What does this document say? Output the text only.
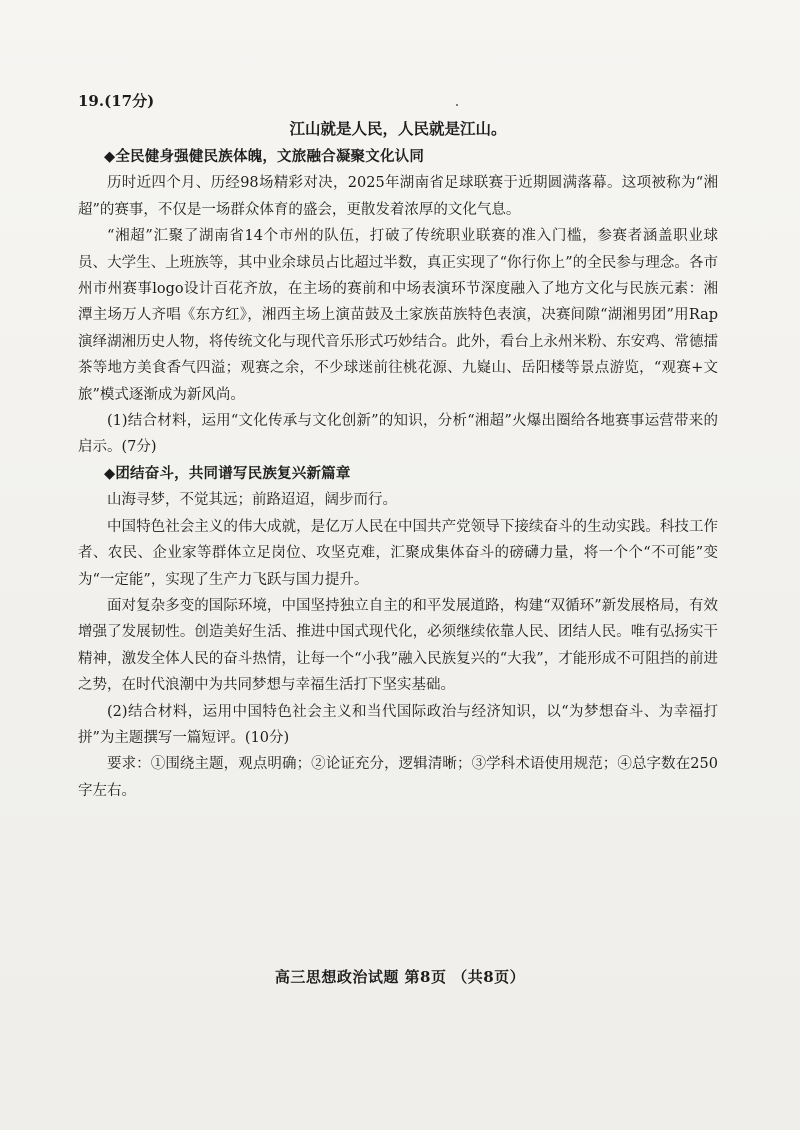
19.(17分)
江山就是人民，人民就是江山。
◆全民健身强健民族体魄，文旅融合凝聚文化认同

历时近四个月、历经98场精彩对决，2025年湖南省足球联赛于近期圆满落幕。这项被称为“湘超”的赛事，不仅是一场群众体育的盛会，更散发着浓厚的文化气息。

“湘超”汇聚了湖南省14个市州的队伍，打破了传统职业联赛的准入门槛，参赛者涵盖职业球员、大学生、上班族等，其中业余球员占比超过半数，真正实现了“你行你上”的全民参与理念。各市州市州赛事logo设计百花齐放，在主场的赛前和中场表演环节深度融入了地方文化与民族元素：湘潭主场万人齐唱《东方红》，湘西主场上演苗鼓及土家族苗族特色表演，决赛间隙“湖湘男团”用Rap演绎湖湘历史人物，将传统文化与现代音乐形式巧妙结合。此外，看台上永州米粉、东安鸡、常德擂茶等地方美食香气四溢；观赛之余，不少球迷前往桃花源、九嶷山、岳阳楼等景点游览，“观赛+文旅”模式逐渐成为新风尚。

(1)结合材料，运用“文化传承与文化创新”的知识，分析“湘超”火爆出圈给各地赛事运营带来的启示。(7分)

◆团结奋斗，共同谱写民族复兴新篇章

山海寻梦，不觉其远；前路迢迢，阔步而行。

中国特色社会主义的伟大成就，是亿万人民在中国共产党领导下接续奋斗的生动实践。科技工作者、农民、企业家等群体立足岗位、攻坚克难，汇聚成集体奋斗的磅礴力量，将一个个“不可能”变为“一定能”，实现了生产力飞跃与国力提升。

面对复杂多变的国际环境，中国坚持独立自主的和平发展道路，构建“双循环”新发展格局，有效增强了发展韧性。创造美好生活、推进中国式现代化，必须继续依靠人民、团结人民。唯有弘扬实干精神，激发全体人民的奋斗热情，让每一个“小我”融入民族复兴的“大我”，才能形成不可阻挡的前进之势，在时代浪潮中为共同梦想与幸福生活打下坚实基础。

(2)结合材料，运用中国特色社会主义和当代国际政治与经济知识，以“为梦想奋斗、为幸福打拼”为主题撰写一篇短评。(10分)

要求：①围绕主题，观点明确；②论证充分，逻辑清晰；③学科术语使用规范；④总字数在250字左右。

高三思想政治试题 第8页 （共8页）
